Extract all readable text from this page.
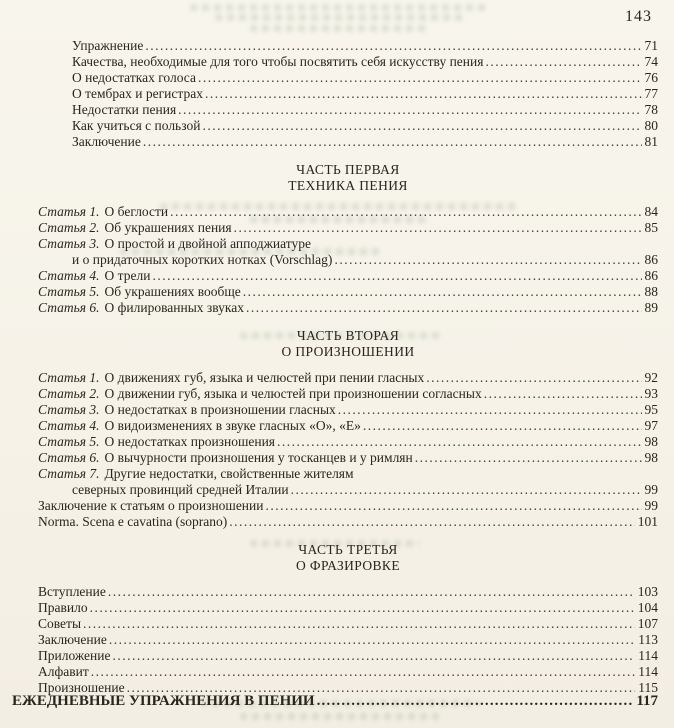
143
Упражнение .....	71
Качества, необходимые для того чтобы посвятить себя искусству пения .....	74
О недостатках голоса .....	76
О тембрах и регистрах .....	77
Недостатки пения .....	78
Как учиться с пользой .....	80
Заключение .....	81
ЧАСТЬ ПЕРВАЯ
ТЕХНИКА ПЕНИЯ
Статья 1. О беглости .....	84
Статья 2. Об украшениях пения .....	85
Статья 3. О простой и двойной апподжиатуре
и о придаточных коротких нотках (Vorschlag) .....	86
Статья 4. О трели .....	86
Статья 5. Об украшениях вообще .....	88
Статья 6. О филированных звуках .....	89
ЧАСТЬ ВТОРАЯ
О ПРОИЗНОШЕНИИ
Статья 1. О движениях губ, языка и челюстей при пении гласных .....	92
Статья 2. О движении губ, языка и челюстей при произношении согласных .....	93
Статья 3. О недостатках в произношении гласных .....	95
Статья 4. О видоизменениях в звуке гласных «О», «Е» .....	97
Статья 5. О недостатках произношения .....	98
Статья 6. О вычурности произношения у тосканцев и у римлян .....	98
Статья 7. Другие недостатки, свойственные жителям
северных провинций средней Италии .....	99
Заключение к статьям о произношении .....	99
Norma. Scena e cavatina (soprano) .....	101
ЧАСТЬ ТРЕТЬЯ
О ФРАЗИРОВКЕ
Вступление .....	103
Правило .....	104
Советы .....	107
Заключение .....	113
Приложение .....	114
Алфавит .....	114
Произношение .....	115
ЕЖЕДНЕВНЫЕ УПРАЖНЕНИЯ В ПЕНИИ .....	117
